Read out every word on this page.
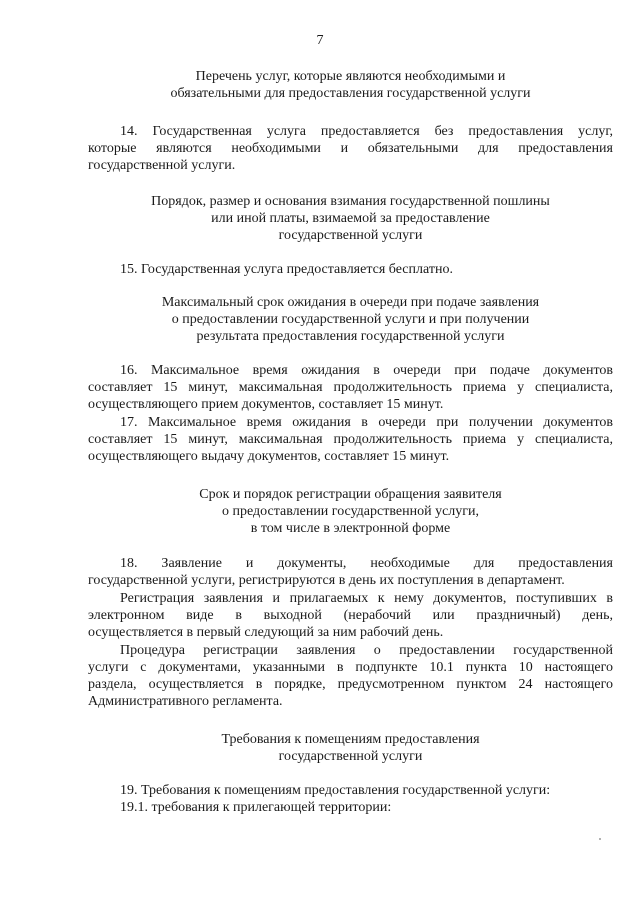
7
Перечень услуг, которые являются необходимыми и
обязательными для предоставления государственной услуги
14. Государственная услуга предоставляется без предоставления услуг,
которые являются необходимыми и обязательными для предоставления
государственной услуги.
Порядок, размер и основания взимания государственной пошлины
или иной платы, взимаемой за предоставление
государственной услуги
15. Государственная услуга предоставляется бесплатно.
Максимальный срок ожидания в очереди при подаче заявления
о предоставлении государственной услуги и при получении
результата предоставления государственной услуги
16. Максимальное время ожидания в очереди при подаче документов
составляет 15 минут, максимальная продолжительность приема у специалиста,
осуществляющего прием документов, составляет 15 минут.
17. Максимальное время ожидания в очереди при получении документов
составляет 15 минут, максимальная продолжительность приема у специалиста,
осуществляющего выдачу документов, составляет 15 минут.
Срок и порядок регистрации обращения заявителя
о предоставлении государственной услуги,
в том числе в электронной форме
18. Заявление и документы, необходимые для предоставления
государственной услуги, регистрируются в день их поступления в департамент.
Регистрация заявления и прилагаемых к нему документов, поступивших в
электронном виде в выходной (нерабочий или праздничный) день,
осуществляется в первый следующий за ним рабочий день.
Процедура регистрации заявления о предоставлении государственной
услуги с документами, указанными в подпункте 10.1 пункта 10 настоящего
раздела, осуществляется в порядке, предусмотренном пунктом 24 настоящего
Административного регламента.
Требования к помещениям предоставления
государственной услуги
19. Требования к помещениям предоставления государственной услуги:
19.1. требования к прилегающей территории:
